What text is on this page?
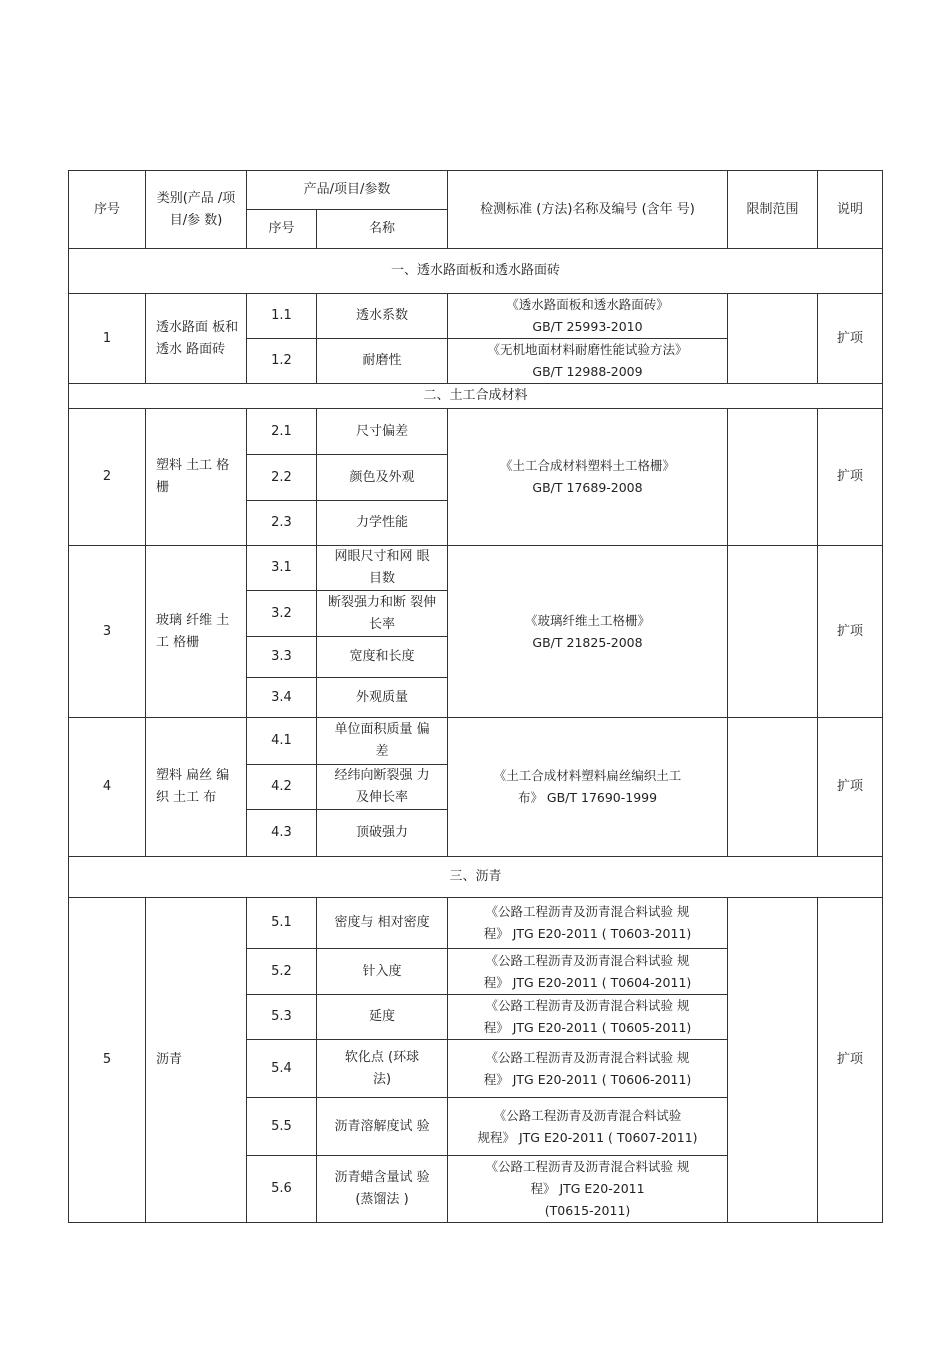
序号	类别(产品 /项目/参 数)	产品/项目/参数		检测标准 (方法)名称及编号 (含年 号)	限制范围	说明
		序号	名称			
一、透水路面板和透水路面砖						
1	透水路面 板和透水 路面砖	1.1	透水系数	《透水路面板和透水路面砖》
GB/T 25993-2010		扩项
		1.2	耐磨性	《无机地面材料耐磨性能试验方法》
GB/T 12988-2009		
二、土工合成材料						
2	塑料 土工 格栅	2.1	尺寸偏差	《土工合成材料塑料土工格栅》
GB/T 17689-2008		扩项
		2.2	颜色及外观			
		2.3	力学性能			
3	玻璃 纤维 土工 格栅	3.1	网眼尺寸和网 眼
目数	《玻璃纤维土工格栅》
GB/T 21825-2008		扩项
		3.2	断裂强力和断 裂伸
长率			
		3.3	宽度和长度			
		3.4	外观质量			
4	塑料 扁丝 编织 土工 布	4.1	单位面积质量 偏
差	《土工合成材料塑料扁丝编织土工
布》 GB/T 17690-1999		扩项
		4.2	经纬向断裂强 力
及伸长率			
		4.3	顶破强力			
三、沥青						
5	沥青	5.1	密度与 相对密度	《公路工程沥青及沥青混合料试验 规
程》 JTG E20-2011 ( T0603-2011)		扩项
		5.2	针入度	《公路工程沥青及沥青混合料试验 规
程》 JTG E20-2011 ( T0604-2011)		
		5.3	延度	《公路工程沥青及沥青混合料试验 规
程》 JTG E20-2011 ( T0605-2011)		
		5.4	软化点 (环球
法)	《公路工程沥青及沥青混合料试验 规
程》 JTG E20-2011 ( T0606-2011)		
		5.5	沥青溶解度试 验	《公路工程沥青及沥青混合料试验
规程》 JTG E20-2011 ( T0607-2011)		
		5.6	沥青蜡含量试 验
(蒸馏法 )	《公路工程沥青及沥青混合料试验 规
程》 JTG E20-2011
(T0615-2011)		
